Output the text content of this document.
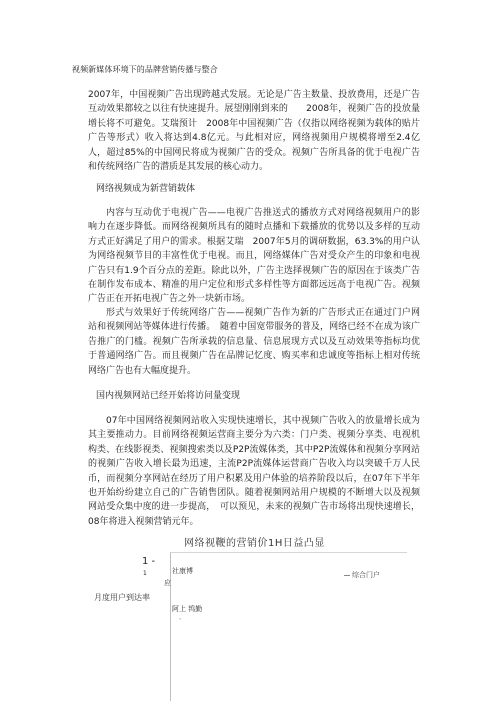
视频新媒体环境下的品牌营销传播与整合

2007年，中国视频广告出现跨越式发展。无论是广告主数量、投放费用，还是广告互动效果都较之以往有快速提升。展望刚刚到来的　　2008年，视频广告的投放量增长将不可避免。艾瑞预计　2008年中国视频广告（仅指以网络视频为载体的贴片广告等形式）收入将达到4.8亿元。与此相对应，网络视频用户规模将增至2.4亿人，超过85%的中国网民将成为视频广告的受众。视频广告所具备的优于电视广告和传统网络广告的潜质是其发展的核心动力。

网络视频成为新营销载体

内容与互动优于电视广告——电视广告推送式的播放方式对网络视频用户的影响力在逐步降低。而网络视频所具有的随时点播和下载播放的优势以及多样的互动方式正好满足了用户的需求。根据艾瑞　2007年5月的调研数据，63.3%的用户认为网络视频节目的丰富性优于电视。而且，网络媒体广告对受众产生的印象和电视广告只有1.9个百分点的差距。除此以外，广告主选择视频广告的原因在于该类广告在制作发布成本、精准的用户定位和形式多样性等方面都远远高于电视广告。视频广告正在开拓电视广告之外一块新市场。

形式与效果好于传统网络广告——视频广告作为新的广告形式正在通过门户网站和视频网站等媒体进行传播。　随着中国宽带服务的普及，网络已经不在成为该广告推广的门槛。视频广告所承载的信息量、信息展现方式以及互动效果等指标均优于普通网络广告。而且视频广告在品牌记忆度、购买率和忠诚度等指标上相对传统网络广告也有大幅度提升。

国内视频网站已经开始将访问量变现

07年中国网络视频网站收入实现快速增长，其中视频广告收入的放量增长成为其主要推动力。目前网络视频运营商主要分为六类：门户类、视频分享类、电视机构类、在线影视类、视频搜索类以及P2P流媒体类，其中P2P流媒体和视频分享网站的视频广告收入增长最为迅速，主流P2P流媒体运营商广告收入均以突破千万人民币，而视频分享网站在经历了用户积累及用户体验的培养阶段以后，在07年下半年也开始纷纷建立自己的广告销售团队。随着视频网站用户规模的不断增大以及视频网站受众集中度的进一步提高，　可以预见，未来的视频广告市场将出现快速增长，08年将进入视频营销元年。

网络视鞭的营销价1H日益凸显
1 -
1
月度用户到达率
社康博
应
、
阿上 鸨勤
综合门户
